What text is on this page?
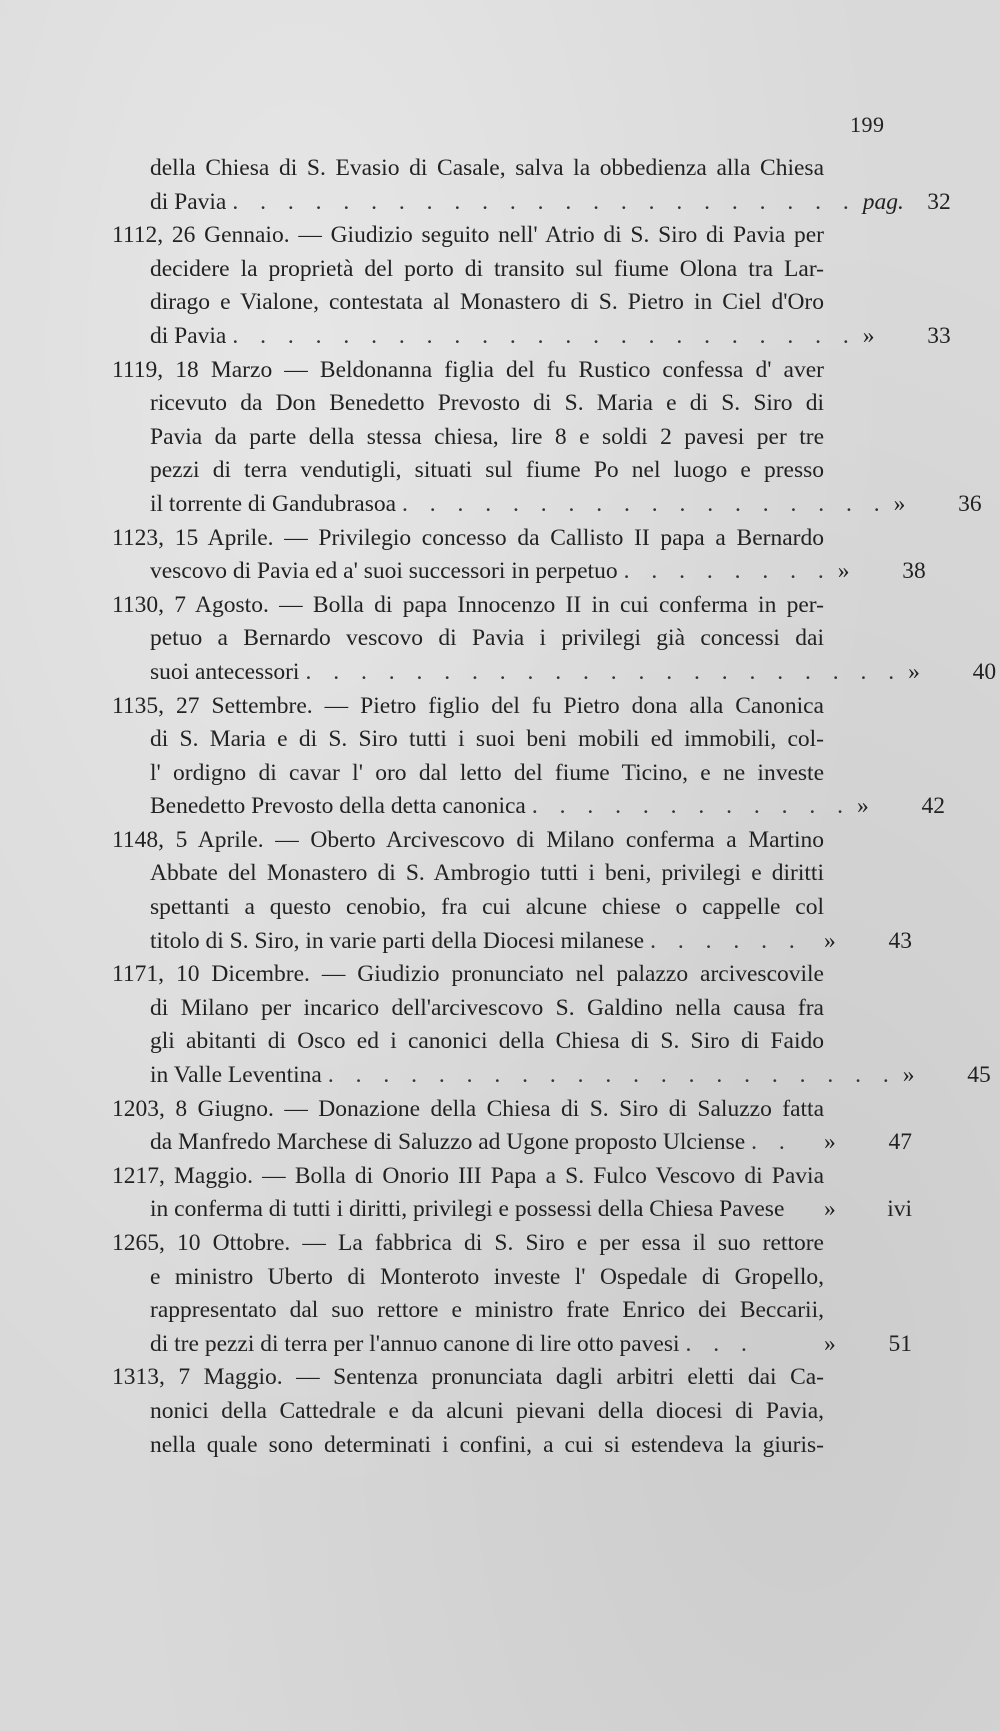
199
della Chiesa di S. Evasio di Casale, salva la obbedienza alla Chiesa
di Pavia . . . . . . . . . . . . . . . . . . . . . . . pag. 32
1112, 26 Gennaio. — Giudizio seguito nell' Atrio di S. Siro di Pavia per
decidere la proprietà del porto di transito sul fiume Olona tra Lar-
dirago e Vialone, contestata al Monastero di S. Pietro in Ciel d'Oro
di Pavia . . . . . . . . . . . . . . . . . . . . . . . »	33
1119, 18 Marzo — Beldonanna figlia del fu Rustico confessa d' aver
ricevuto da Don Benedetto Prevosto di S. Maria e di S. Siro di
Pavia da parte della stessa chiesa, lire 8 e soldi 2 pavesi per tre
pezzi di terra vendutigli, situati sul fiume Po nel luogo e presso
il torrente di Gandubrasoa . . . . . . . . . . . . . . . . . . »	36
1123, 15 Aprile. — Privilegio concesso da Callisto II papa a Bernardo
vescovo di Pavia ed a' suoi successori in perpetuo . . . . . . . . »	38
1130, 7 Agosto. — Bolla di papa Innocenzo II in cui conferma in per-
petuo a Bernardo vescovo di Pavia i privilegi già concessi dai
suoi antecessori . . . . . . . . . . . . . . . . . . . . . . »	40
1135, 27 Settembre. — Pietro figlio del fu Pietro dona alla Canonica
di S. Maria e di S. Siro tutti i suoi beni mobili ed immobili, col-
l' ordigno di cavar l' oro dal letto del fiume Ticino, e ne investe
Benedetto Prevosto della detta canonica . . . . . . . . . . . . »	42
1148, 5 Aprile. — Oberto Arcivescovo di Milano conferma a Martino
Abbate del Monastero di S. Ambrogio tutti i beni, privilegi e diritti
spettanti a questo cenobio, fra cui alcune chiese o cappelle col
titolo di S. Siro, in varie parti della Diocesi milanese . . . . . . »	43
1171, 10 Dicembre. — Giudizio pronunciato nel palazzo arcivescovile
di Milano per incarico dell'arcivescovo S. Galdino nella causa fra
gli abitanti di Osco ed i canonici della Chiesa di S. Siro di Faido
in Valle Leventina . . . . . . . . . . . . . . . . . . . . . »	45
1203, 8 Giugno. — Donazione della Chiesa di S. Siro di Saluzzo fatta
da Manfredo Marchese di Saluzzo ad Ugone proposto Ulciense . .	»	47
1217, Maggio. — Bolla di Onorio III Papa a S. Fulco Vescovo di Pavia
in conferma di tutti i diritti, privilegi e possessi della Chiesa Pavese »	ivi
1265, 10 Ottobre. — La fabbrica di S. Siro e per essa il suo rettore
e ministro Uberto di Monteroto investe l' Ospedale di Gropello,
rappresentato dal suo rettore e ministro frate Enrico dei Beccarii,
di tre pezzi di terra per l'annuo canone di lire otto pavesi . . .	»	51
1313, 7 Maggio. — Sentenza pronunciata dagli arbitri eletti dai Ca-
nonici della Cattedrale e da alcuni pievani della diocesi di Pavia,
nella quale sono determinati i confini, a cui si estendeva la giuris-
